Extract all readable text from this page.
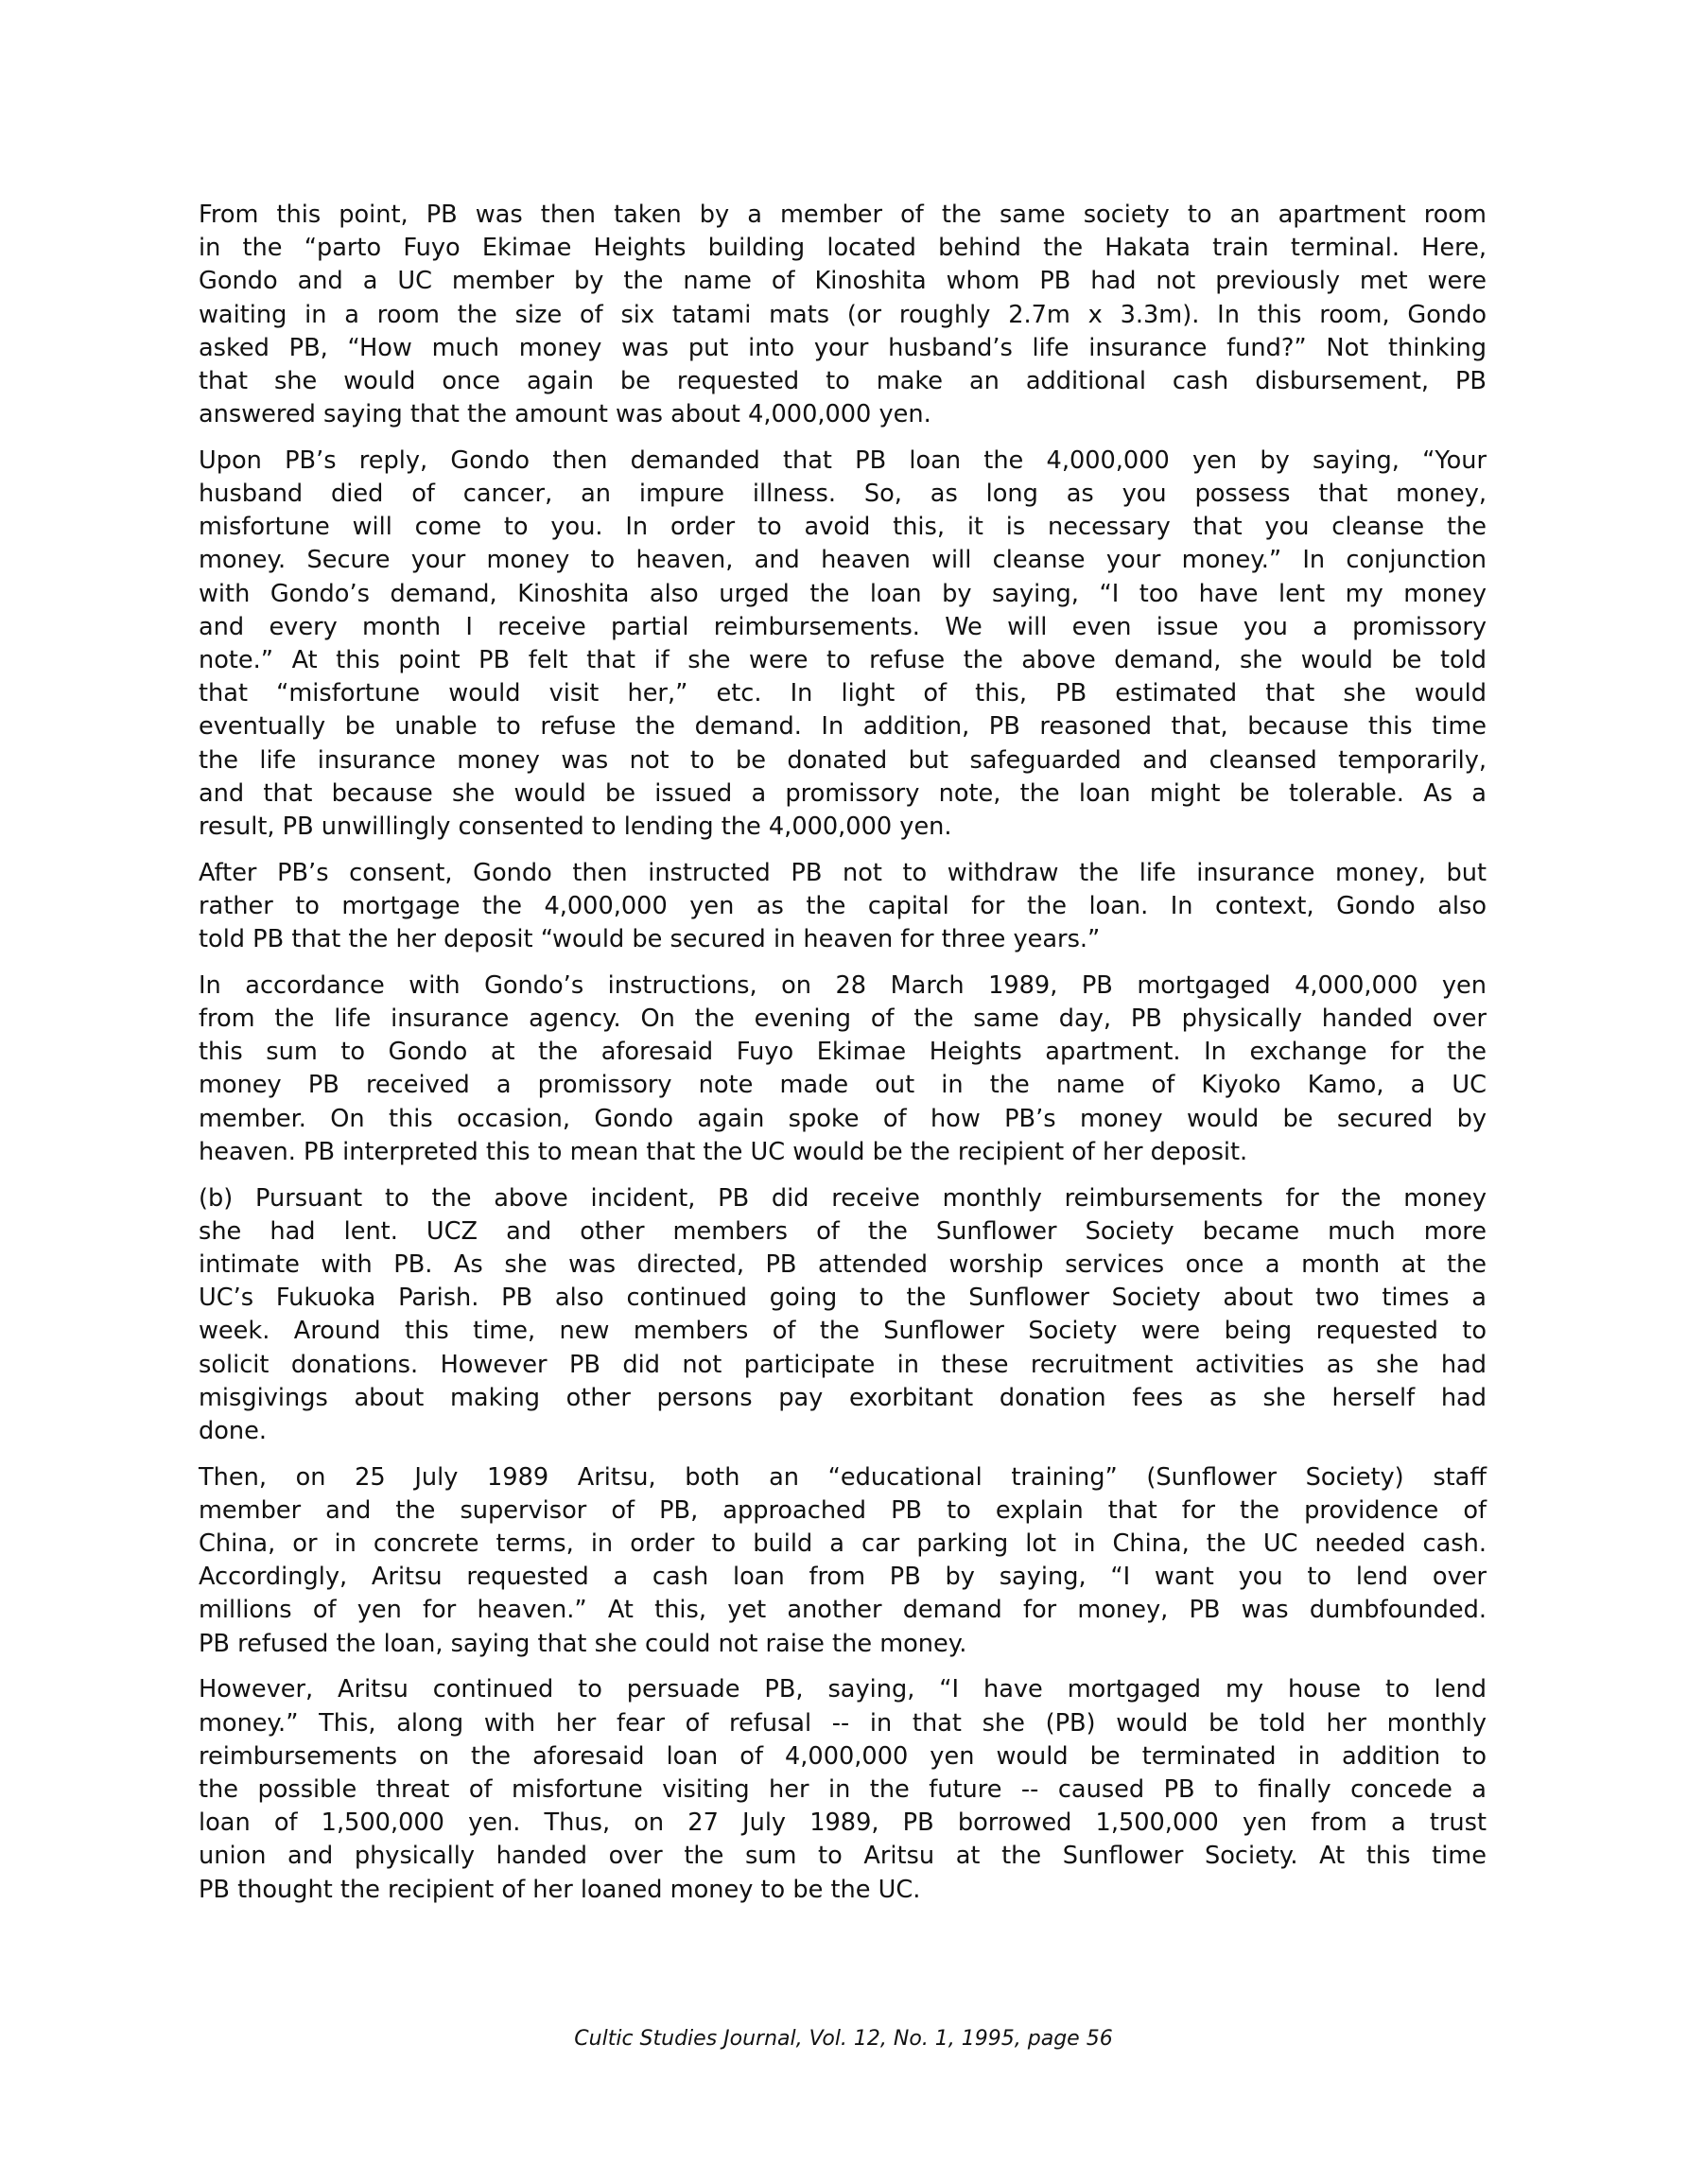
From this point, PB was then taken by a member of the same society to an apartment room
in the “parto Fuyo Ekimae Heights building located behind the Hakata train terminal. Here,
Gondo and a UC member by the name of Kinoshita whom PB had not previously met were
waiting in a room the size of six tatami mats (or roughly 2.7m x 3.3m). In this room, Gondo
asked PB, “How much money was put into your husband’s life insurance fund?” Not thinking
that she would once again be requested to make an additional cash disbursement, PB
answered saying that the amount was about 4,000,000 yen.

Upon PB’s reply, Gondo then demanded that PB loan the 4,000,000 yen by saying, “Your
husband died of cancer, an impure illness. So, as long as you possess that money,
misfortune will come to you. In order to avoid this, it is necessary that you cleanse the
money. Secure your money to heaven, and heaven will cleanse your money.” In conjunction
with Gondo’s demand, Kinoshita also urged the loan by saying, “I too have lent my money
and every month I receive partial reimbursements. We will even issue you a promissory
note.” At this point PB felt that if she were to refuse the above demand, she would be told
that “misfortune would visit her,” etc. In light of this, PB estimated that she would
eventually be unable to refuse the demand. In addition, PB reasoned that, because this time
the life insurance money was not to be donated but safeguarded and cleansed temporarily,
and that because she would be issued a promissory note, the loan might be tolerable. As a
result, PB unwillingly consented to lending the 4,000,000 yen.

After PB’s consent, Gondo then instructed PB not to withdraw the life insurance money, but
rather to mortgage the 4,000,000 yen as the capital for the loan. In context, Gondo also
told PB that the her deposit “would be secured in heaven for three years.”

In accordance with Gondo’s instructions, on 28 March 1989, PB mortgaged 4,000,000 yen
from the life insurance agency. On the evening of the same day, PB physically handed over
this sum to Gondo at the aforesaid Fuyo Ekimae Heights apartment. In exchange for the
money PB received a promissory note made out in the name of Kiyoko Kamo, a UC
member. On this occasion, Gondo again spoke of how PB’s money would be secured by
heaven. PB interpreted this to mean that the UC would be the recipient of her deposit.

(b) Pursuant to the above incident, PB did receive monthly reimbursements for the money
she had lent. UCZ and other members of the Sunflower Society became much more
intimate with PB. As she was directed, PB attended worship services once a month at the
UC’s Fukuoka Parish. PB also continued going to the Sunflower Society about two times a
week. Around this time, new members of the Sunflower Society were being requested to
solicit donations. However PB did not participate in these recruitment activities as she had
misgivings about making other persons pay exorbitant donation fees as she herself had
done.

Then, on 25 July 1989 Aritsu, both an “educational training” (Sunflower Society) staff
member and the supervisor of PB, approached PB to explain that for the providence of
China, or in concrete terms, in order to build a car parking lot in China, the UC needed cash.
Accordingly, Aritsu requested a cash loan from PB by saying, “I want you to lend over
millions of yen for heaven.” At this, yet another demand for money, PB was dumbfounded.
PB refused the loan, saying that she could not raise the money.

However, Aritsu continued to persuade PB, saying, “I have mortgaged my house to lend
money.” This, along with her fear of refusal -- in that she (PB) would be told her monthly
reimbursements on the aforesaid loan of 4,000,000 yen would be terminated in addition to
the possible threat of misfortune visiting her in the future -- caused PB to finally concede a
loan of 1,500,000 yen. Thus, on 27 July 1989, PB borrowed 1,500,000 yen from a trust
union and physically handed over the sum to Aritsu at the Sunflower Society. At this time
PB thought the recipient of her loaned money to be the UC.

Cultic Studies Journal, Vol. 12, No. 1, 1995, page 56
